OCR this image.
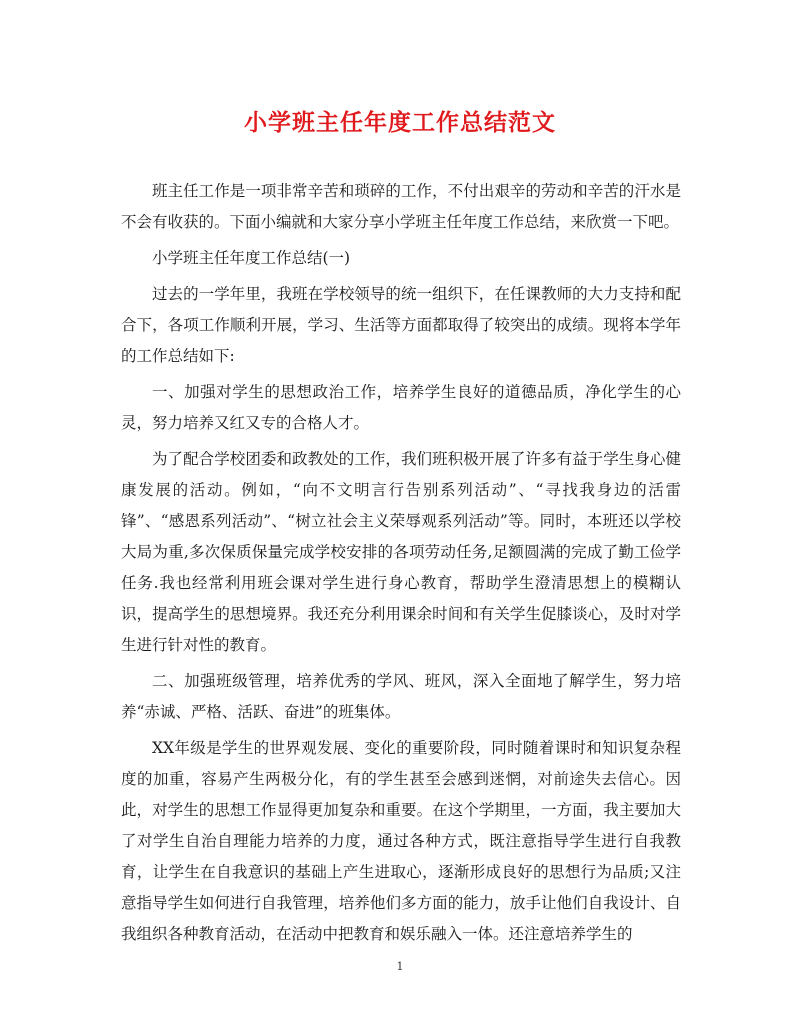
小学班主任年度工作总结范文

班主任工作是一项非常辛苦和琐碎的工作，不付出艰辛的劳动和辛苦的汗水是不会有收获的。下面小编就和大家分享小学班主任年度工作总结，来欣赏一下吧。

小学班主任年度工作总结(一)

过去的一学年里，我班在学校领导的统一组织下，在任课教师的大力支持和配合下，各项工作顺利开展，学习、生活等方面都取得了较突出的成绩。现将本学年的工作总结如下:

一、加强对学生的思想政治工作，培养学生良好的道德品质，净化学生的心灵，努力培养又红又专的合格人才。

为了配合学校团委和政教处的工作，我们班积极开展了许多有益于学生身心健康发展的活动。例如，“向不文明言行告别系列活动”、“寻找我身边的活雷锋”、“感恩系列活动”、“树立社会主义荣辱观系列活动”等。同时，本班还以学校大局为重,多次保质保量完成学校安排的各项劳动任务,足额圆满的完成了勤工俭学任务.我也经常利用班会课对学生进行身心教育，帮助学生澄清思想上的模糊认识，提高学生的思想境界。我还充分利用课余时间和有关学生促膝谈心，及时对学生进行针对性的教育。

二、加强班级管理，培养优秀的学风、班风，深入全面地了解学生，努力培养“赤诚、严格、活跃、奋进”的班集体。

XX年级是学生的世界观发展、变化的重要阶段，同时随着课时和知识复杂程度的加重，容易产生两极分化，有的学生甚至会感到迷惘，对前途失去信心。因此，对学生的思想工作显得更加复杂和重要。在这个学期里，一方面，我主要加大了对学生自治自理能力培养的力度，通过各种方式，既注意指导学生进行自我教育，让学生在自我意识的基础上产生进取心，逐渐形成良好的思想行为品质;又注意指导学生如何进行自我管理，培养他们多方面的能力，放手让他们自我设计、自我组织各种教育活动，在活动中把教育和娱乐融入一体。还注意培养学生的

1
